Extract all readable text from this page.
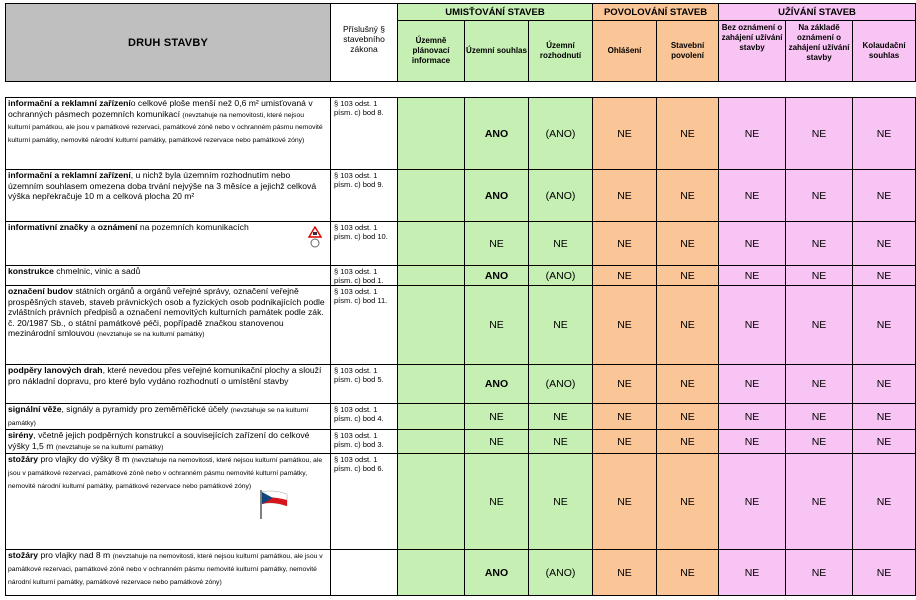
DRUH STAVBY	Příslušný § stavebního zákona	UMISŤOVÁNÍ STAVEB			POVOLOVÁNÍ STAVEB		UŽÍVÁNÍ STAVEB		
		Územně plánovací informace	Územní souhlas	Územní rozhodnutí	Ohlášení	Stavební povolení	Bez oznámení o zahájení užívání stavby	Na základě oznámení o zahájení užívání stavby	Kolaudační souhlas
informační a reklamní zařízenío celkové ploše menší než 0,6 m² umisťovaná v ochranných pásmech pozemních komunikací (nevztahuje na nemovitosti, které nejsou kulturní památkou, ale jsou v památkové rezervaci, památkové zóně nebo v ochranném pásmu nemovité kulturní památky, nemovité národní kulturní památky, památkové rezervace nebo památkové zóny)	§ 103 odst. 1 písm. c) bod 8.		ANO	(ANO)	NE	NE	NE	NE	NE
informační a reklamní zařízení, u nichž byla územním rozhodnutím nebo územním souhlasem omezena doba trvání nejvýše na 3 měsíce a jejichž celková výška nepřekračuje 10 m a celková plocha 20 m²	§ 103 odst. 1 písm. c) bod 9.		ANO	(ANO)	NE	NE	NE	NE	NE
informativní značky a oznámení na pozemních komunikacích	§ 103 odst. 1 písm. c) bod 10.		NE	NE	NE	NE	NE	NE	NE
konstrukce chmelnic, vinic a sadů	§ 103 odst. 1 písm. c) bod 1.		ANO	(ANO)	NE	NE	NE	NE	NE
označení budov státních orgánů a orgánů veřejné správy, označení veřejně prospěšných staveb, staveb právnických osob a fyzických osob podnikajících podle zvláštních právních předpisů a označení nemovitých kulturních památek podle zák. č. 20/1987 Sb., o státní památkové péči, popřípadě značkou stanovenou mezinárodní smlouvou (nevztahuje se na kulturní památky)	§ 103 odst. 1 písm. c) bod 11.		NE	NE	NE	NE	NE	NE	NE
podpěry lanových drah, které nevedou přes veřejné komunikační plochy a slouží pro nákladní dopravu, pro které bylo vydáno rozhodnutí o umístění stavby	§ 103 odst. 1 písm. c) bod 5.		ANO	(ANO)	NE	NE	NE	NE	NE
signální věže, signály a pyramidy pro zeměměřické účely (nevztahuje se na kulturní památky)	§ 103 odst. 1 písm. c) bod 4.		NE	NE	NE	NE	NE	NE	NE
sirény, včetně jejich podpěrných konstrukcí a souvisejících zařízení do celkové výšky 1,5 m (nevztahuje se na kulturní památky)	§ 103 odst. 1 písm. c) bod 3.		NE	NE	NE	NE	NE	NE	NE
stožáry pro vlajky do výšky 8 m (nevztahuje na nemovitosti, které nejsou kulturní památkou, ale jsou v památkové rezervaci, památkové zóně nebo v ochranném pásmu nemovité kulturní památky, nemovité národní kulturní památky, památkové rezervace nebo památkové zóny)	§ 103 odst. 1 písm. c) bod 6.		NE	NE	NE	NE	NE	NE	NE
stožáry pro vlajky nad 8 m (nevztahuje na nemovitosti, které nejsou kulturní památkou, ale jsou v památkové rezervaci, památkové zóně nebo v ochranném pásmu nemovité kulturní památky, nemovité národní kulturní památky, památkové rezervace nebo památkové zóny)			ANO	(ANO)	NE	NE	NE	NE	NE
